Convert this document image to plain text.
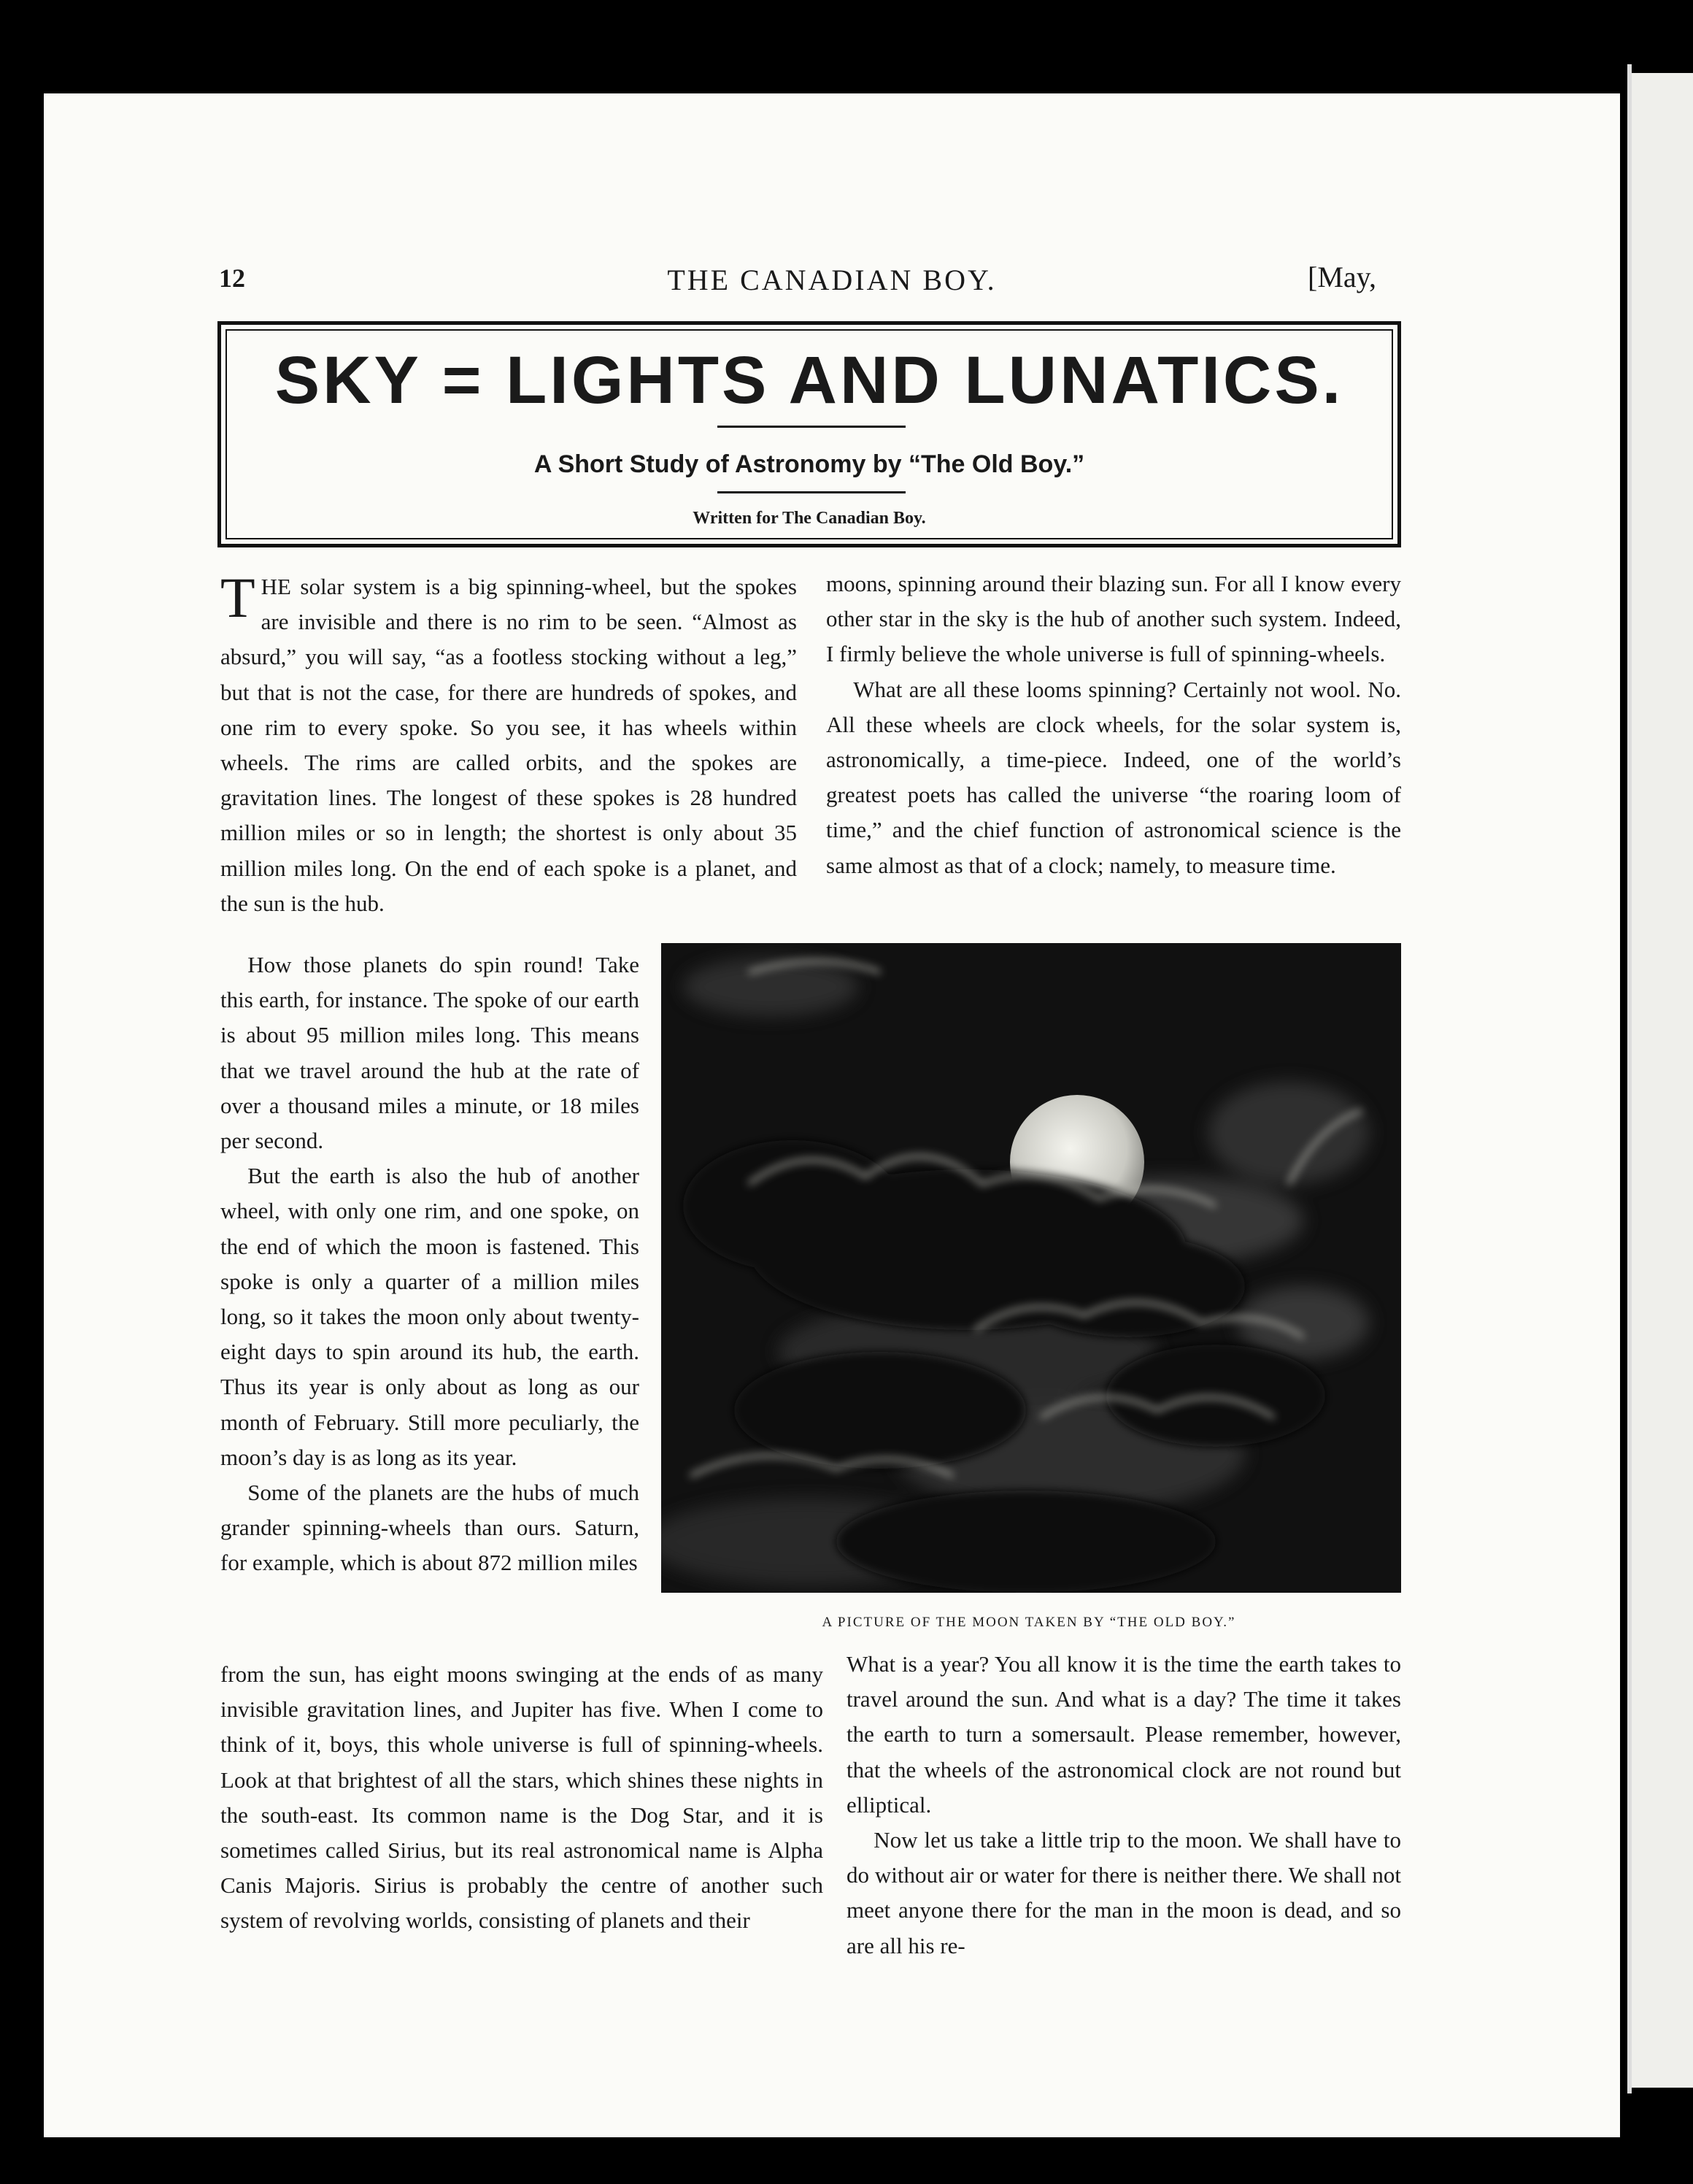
12	THE CANADIAN BOY.	[May,
SKY = LIGHTS AND LUNATICS.
A Short Study of Astronomy by “The Old Boy.”
Written for The Canadian Boy.

THE solar system is a big spinning-wheel, but the spokes are invisible and there is no rim to be seen. “Almost as absurd,” you will say, “as a footless stocking without a leg,” but that is not the case, for there are hundreds of spokes, and one rim to every spoke. So you see, it has wheels within wheels. The rims are called orbits, and the spokes are gravitation lines. The longest of these spokes is 28 hundred million miles or so in length; the shortest is only about 35 million miles long. On the end of each spoke is a planet, and the sun is the hub.

How those planets do spin round! Take this earth, for instance. The spoke of our earth is about 95 million miles long. This means that we travel around the hub at the rate of over a thousand miles a minute, or 18 miles per second.

But the earth is also the hub of another wheel, with only one rim, and one spoke, on the end of which the moon is fastened. This spoke is only a quarter of a million miles long, so it takes the moon only about twenty-eight days to spin around its hub, the earth. Thus its year is only about as long as our month of February. Still more peculiarly, the moon’s day is as long as its year.

Some of the planets are the hubs of much grander spinning-wheels than ours. Saturn, for example, which is about 872 million miles

from the sun, has eight moons swinging at the ends of as many invisible gravitation lines, and Jupiter has five. When I come to think of it, boys, this whole universe is full of spinning-wheels. Look at that brightest of all the stars, which shines these nights in the south-east. Its common name is the Dog Star, and it is sometimes called Sirius, but its real astronomical name is Alpha Canis Majoris. Sirius is probably the centre of another such system of revolving worlds, consisting of planets and their

moons, spinning around their blazing sun. For all I know every other star in the sky is the hub of another such system. Indeed, I firmly believe the whole universe is full of spinning-wheels.

What are all these looms spinning? Certainly not wool. No. All these wheels are clock wheels, for the solar system is, astronomically, a time-piece. Indeed, one of the world’s greatest poets has called the universe “the roaring loom of time,” and the chief function of astronomical science is the same almost as that of a clock; namely, to measure time.

A PICTURE OF THE MOON TAKEN BY “THE OLD BOY.”

What is a year? You all know it is the time the earth takes to travel around the sun. And what is a day? The time it takes the earth to turn a somersault. Please remember, however, that the wheels of the astronomical clock are not round but elliptical.

Now let us take a little trip to the moon. We shall have to do without air or water for there is neither there. We shall not meet anyone there for the man in the moon is dead, and so are all his re-
